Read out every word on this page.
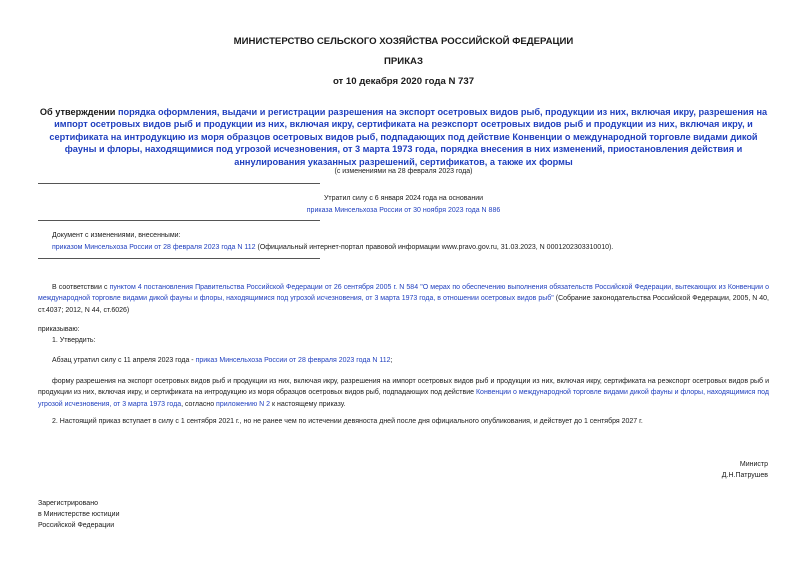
МИНИСТЕРСТВО СЕЛЬСКОГО ХОЗЯЙСТВА РОССИЙСКОЙ ФЕДЕРАЦИИ
ПРИКАЗ
от 10 декабря 2020 года N 737
Об утверждении порядка оформления, выдачи и регистрации разрешения на экспорт осетровых видов рыб, продукции из них, включая икру, разрешения на импорт осетровых видов рыб и продукции из них, включая икру, сертификата на реэкспорт осетровых видов рыб и продукции из них, включая икру, и сертификата на интродукцию из моря образцов осетровых видов рыб, подпадающих под действие Конвенции о международной торговле видами дикой фауны и флоры, находящимися под угрозой исчезновения, от 3 марта 1973 года, порядка внесения в них изменений, приостановления действия и аннулирования указанных разрешений, сертификатов, а также их формы
(с изменениями на 28 февраля 2023 года)
Утратил силу с 6 января 2024 года на основании
приказа Минсельхоза России от 30 ноября 2023 года N 886
Документ с изменениями, внесенными:
приказом Минсельхоза России от 28 февраля 2023 года N 112 (Официальный интернет-портал правовой информации www.pravo.gov.ru, 31.03.2023, N 0001202303310010).
В соответствии с пунктом 4 постановления Правительства Российской Федерации от 26 сентября 2005 г. N 584 "О мерах по обеспечению выполнения обязательств Российской Федерации, вытекающих из Конвенции о международной торговле видами дикой фауны и флоры, находящимися под угрозой исчезновения, от 3 марта 1973 года, в отношении осетровых видов рыб" (Собрание законодательства Российской Федерации, 2005, N 40, ст.4037; 2012, N 44, ст.6026)
приказываю:
1. Утвердить:
Абзац утратил силу с 11 апреля 2023 года - приказ Минсельхоза России от 28 февраля 2023 года N 112;
форму разрешения на экспорт осетровых видов рыб и продукции из них, включая икру, разрешения на импорт осетровых видов рыб и продукции из них, включая икру, сертификата на реэкспорт осетровых видов рыб и продукции из них, включая икру, и сертификата на интродукцию из моря образцов осетровых видов рыб, подпадающих под действие Конвенции о международной торговле видами дикой фауны и флоры, находящимися под угрозой исчезновения, от 3 марта 1973 года, согласно приложению N 2 к настоящему приказу.
2. Настоящий приказ вступает в силу с 1 сентября 2021 г., но не ранее чем по истечении девяноста дней после дня официального опубликования, и действует до 1 сентября 2027 г.
Министр
Д.Н.Патрушев
Зарегистрировано
в Министерстве юстиции
Российской Федерации
